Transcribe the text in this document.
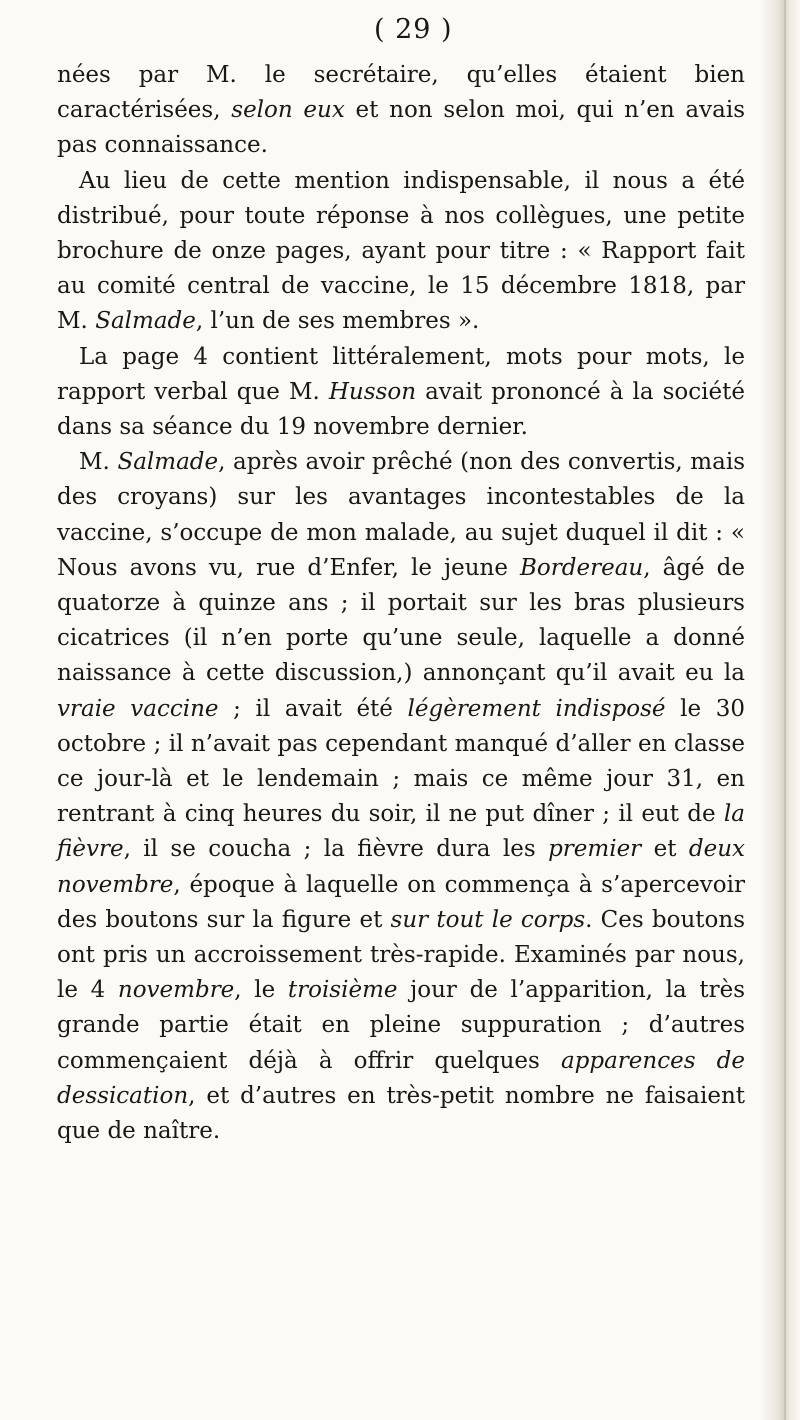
( 29 )

nées par M. le secrétaire, qu’elles étaient bien caractérisées, selon eux et non selon moi, qui n’en avais pas connaissance.

Au lieu de cette mention indispensable, il nous a été distribué, pour toute réponse à nos collègues, une petite brochure de onze pages, ayant pour titre : « Rapport fait au comité central de vaccine, le 15 décembre 1818, par M. Salmade, l’un de ses membres ».

La page 4 contient littéralement, mots pour mots, le rapport verbal que M. Husson avait prononcé à la société dans sa séance du 19 novembre dernier.

M. Salmade, après avoir prêché (non des convertis, mais des croyans) sur les avantages incontestables de la vaccine, s’occupe de mon malade, au sujet duquel il dit : « Nous avons vu, rue d’Enfer, le jeune Bordereau, âgé de quatorze à quinze ans ; il portait sur les bras plusieurs cicatrices (il n’en porte qu’une seule, laquelle a donné naissance à cette discussion,) annonçant qu’il avait eu la vraie vaccine ; il avait été légèrement indisposé le 30 octobre ; il n’avait pas cependant manqué d’aller en classe ce jour-là et le lendemain ; mais ce même jour 31, en rentrant à cinq heures du soir, il ne put dîner ; il eut de la fièvre, il se coucha ; la fièvre dura les premier et deux novembre, époque à laquelle on commença à s’apercevoir des boutons sur la figure et sur tout le corps. Ces boutons ont pris un accroissement très-rapide. Examinés par nous, le 4 novembre, le troisième jour de l’apparition, la très grande partie était en pleine suppuration ; d’autres commençaient déjà à offrir quelques apparences de dessication, et d’autres en très-petit nombre ne faisaient que de naître.
